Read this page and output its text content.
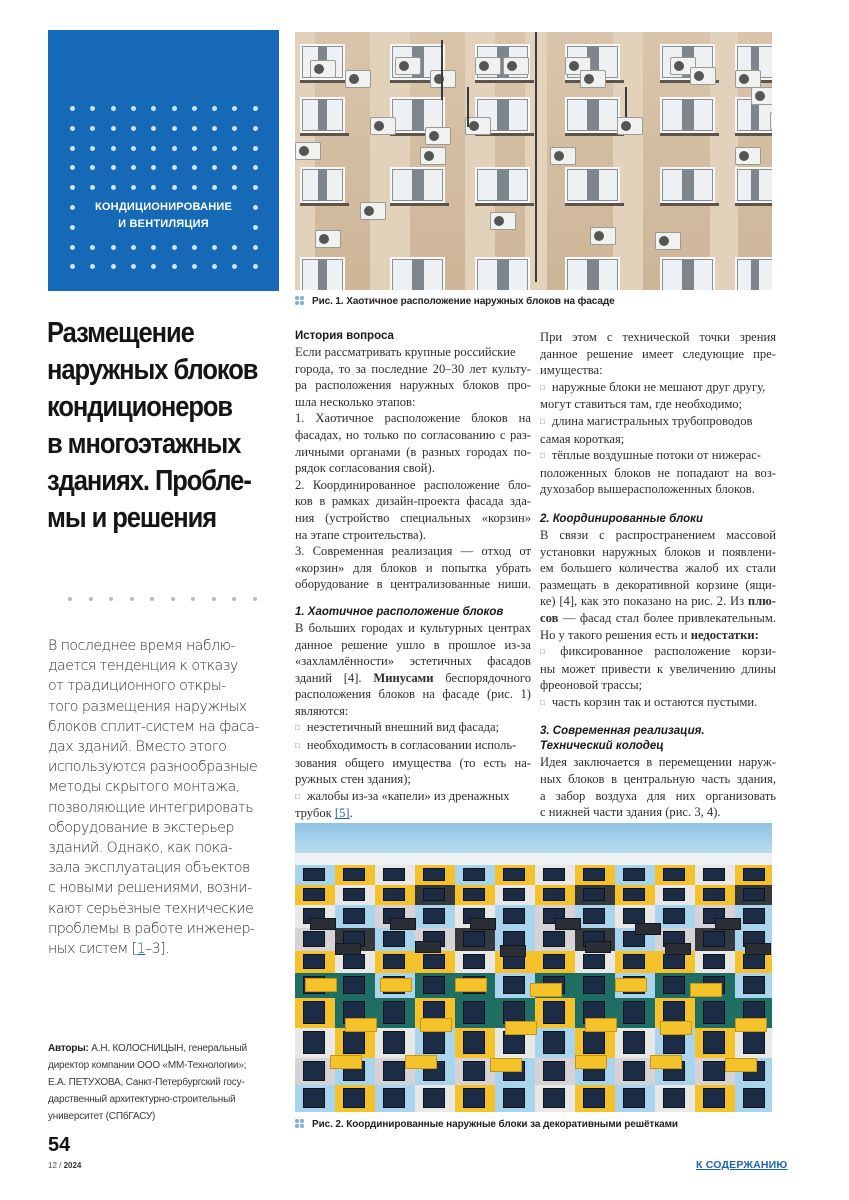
КОНДИЦИОНИРОВАНИЕ
И ВЕНТИЛЯЦИЯ
Рис. 1. Хаотичное расположение наружных блоков на фасаде
Размещение
наружных блоков
кондиционеров
в многоэтажных
зданиях. Пробле-
мы и решения
В последнее время наблю-
дается тенденция к отказу
от традиционного откры-
того размещения наружных
блоков сплит-систем на фаса-
дах зданий. Вместо этого
используются разнообразные
методы скрытого монтажа,
позволяющие интегрировать
оборудование в экстерьер
зданий. Однако, как пока-
зала эксплуатация объектов
с новыми решениями, возни-
кают серьёзные технические
проблемы в работе инженер-
ных систем [1–3].
Авторы: А.Н. КОЛОСНИЦЫН, генеральный
директор компании ООО «ММ-Технологии»;
Е.А. ПЕТУХОВА, Санкт-Петербургский госу-
дарственный архитектурно-строительный
университет (СПбГАСУ)
54
12 / 2024
История вопроса
Если рассматривать крупные российские
города, то за последние 20–30 лет культу-
ра расположения наружных блоков про-
шла несколько этапов:
1. Хаотичное расположение блоков на
фасадах, но только по согласованию с раз-
личными органами (в разных городах по-
рядок согласования свой).
2. Координированное расположение бло-
ков в рамках дизайн-проекта фасада зда-
ния (устройство специальных «корзин»
на этапе строительства).
3. Современная реализация — отход от
«корзин» для блоков и попытка убрать
оборудование в централизованные ниши.
1. Хаотичное расположение блоков
В больших городах и культурных центрах
данное решение ушло в прошлое из-за
«захламлённости» эстетичных фасадов
зданий [4]. Минусами беспорядочного
расположения блоков на фасаде (рис. 1)
являются:
□ неэстетичный внешний вид фасада;
□ необходимость в согласовании исполь-
зования общего имущества (то есть на-
ружных стен здания);
□ жалобы из-за «капели» из дренажных
трубок [5].
При этом с технической точки зрения
данное решение имеет следующие пре-
имущества:
□ наружные блоки не мешают друг другу,
могут ставиться там, где необходимо;
□ длина магистральных трубопроводов
самая короткая;
□ тёплые воздушные потоки от нижерас-
положенных блоков не попадают на воз-
духозабор вышерасположенных блоков.
2. Координированные блоки
В связи с распространением массовой
установки наружных блоков и появлени-
ем большего количества жалоб их стали
размещать в декоративной корзине (ящи-
ке) [4], как это показано на рис. 2. Из плю-
сов — фасад стал более привлекательным.
Но у такого решения есть и недостатки:
□ фиксированное расположение корзи-
ны может привести к увеличению длины
фреоновой трассы;
□ часть корзин так и остаются пустыми.
3. Современная реализация.
Технический колодец
Идея заключается в перемещении наруж-
ных блоков в центральную часть здания,
а забор воздуха для них организовать
с нижней части здания (рис. 3, 4).
Рис. 2. Координированные наружные блоки за декоративными решётками
К СОДЕРЖАНИЮ
